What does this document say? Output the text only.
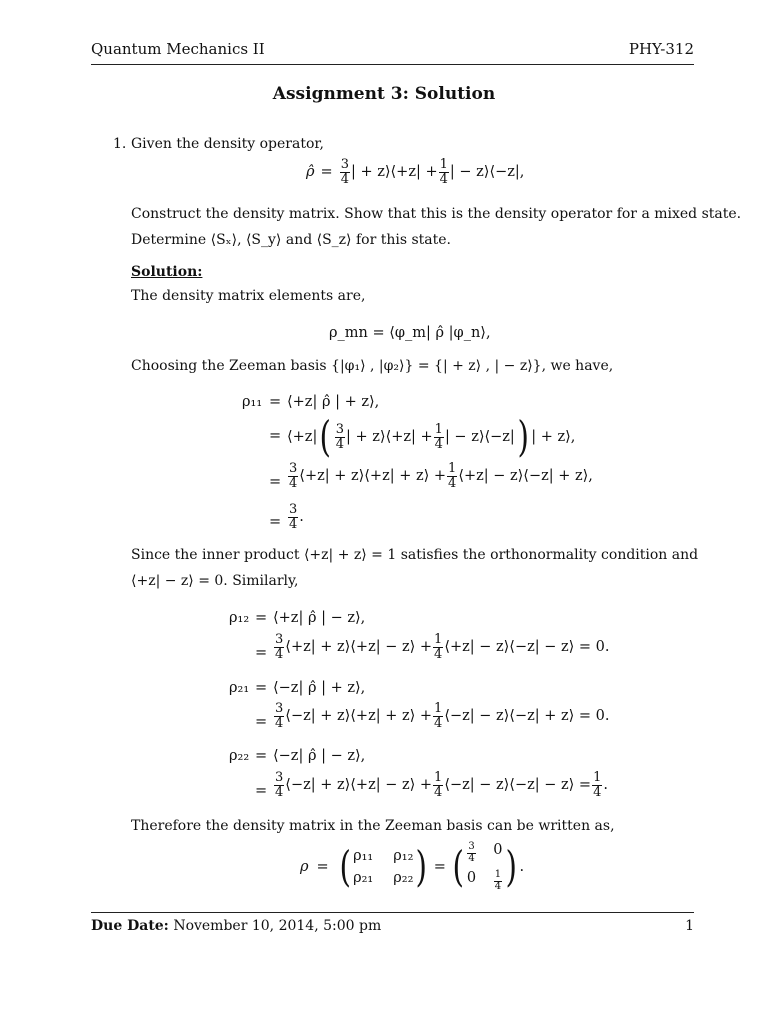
Quantum Mechanics II	PHY-312
Assignment 3: Solution
1. Given the density operator,
ρ̂ = $\frac{3}{4}$ | + z⟩⟨+z| + $\frac{1}{4}$ | − z⟩⟨−z|,
Construct the density matrix. Show that this is the density operator for a mixed state.
Determine ⟨Sₓ⟩, ⟨S_y⟩ and ⟨S_z⟩ for this state.
Solution:
The density matrix elements are,
ρ_mn = ⟨φ_m| ρ̂ |φ_n⟩,
Choosing the Zeeman basis {|φ₁⟩ , |φ₂⟩} = {| + z⟩ , | − z⟩}, we have,
ρ₁₁ = ⟨+z| ρ̂ | + z⟩,
= ⟨+z| ( $\frac{3}{4}$ | + z⟩⟨+z| + $\frac{1}{4}$ | − z⟩⟨−z| ) | + z⟩,
= $\frac{3}{4}$ ⟨+z| + z⟩⟨+z| + z⟩ + $\frac{1}{4}$ ⟨+z| − z⟩⟨−z| + z⟩,
= $\frac{3}{4}$ .
Since the inner product ⟨+z| + z⟩ = 1 satisfies the orthonormality condition and
⟨+z| − z⟩ = 0. Similarly,
ρ₁₂ = ⟨+z| ρ̂ | − z⟩,
= $\frac{3}{4}$ ⟨+z| + z⟩⟨+z| − z⟩ + $\frac{1}{4}$ ⟨+z| − z⟩⟨−z| − z⟩ = 0.
ρ₂₁ = ⟨−z| ρ̂ | + z⟩,
= $\frac{3}{4}$ ⟨−z| + z⟩⟨+z| + z⟩ + $\frac{1}{4}$ ⟨−z| − z⟩⟨−z| + z⟩ = 0.
ρ₂₂ = ⟨−z| ρ̂ | − z⟩,
= $\frac{3}{4}$ ⟨−z| + z⟩⟨+z| − z⟩ + $\frac{1}{4}$ ⟨−z| − z⟩⟨−z| − z⟩ = $\frac{1}{4}$ .
Therefore the density matrix in the Zeeman basis can be written as,
ρ = ( ρ₁₁ ρ₁₂
ρ₂₁ ρ₂₂ ) = ( $\frac{3}{4} 0$
$0 \frac{1}{4}$ ) .
Due Date: November 10, 2014, 5:00 pm	1
